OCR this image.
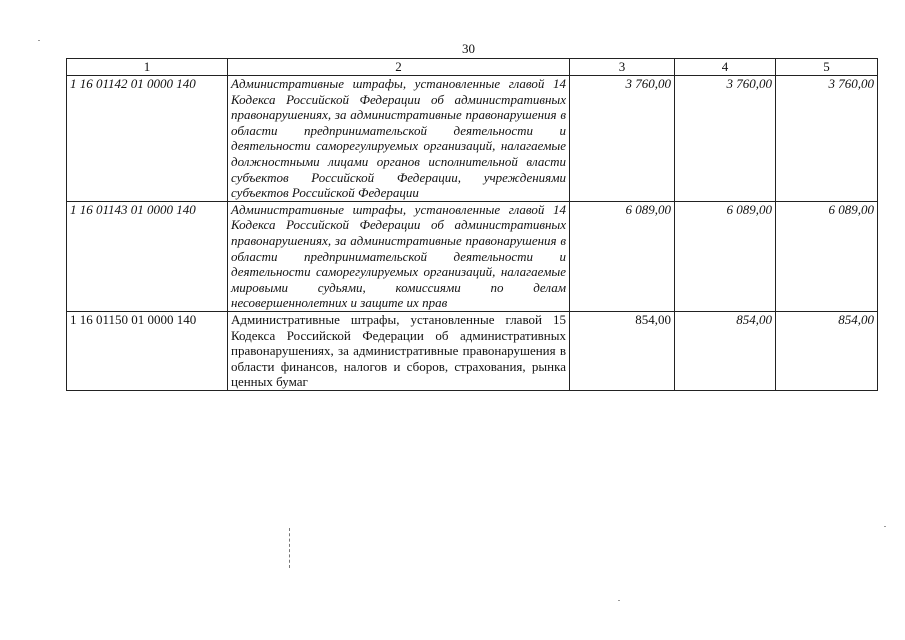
30
1	2	3	4	5
1 16 01142 01 0000 140	Административные штрафы, установленные главой 14 Кодекса Российской Федерации об административных правонарушениях, за административные правонарушения в области предпринимательской деятельности и деятельности саморегулируемых организаций, налагаемые должностными лицами органов исполнительной власти субъектов Российской Федерации, учреждениями субъектов Российской Федерации	3 760,00	3 760,00	3 760,00
1 16 01143 01 0000 140	Административные штрафы, установленные главой 14 Кодекса Российской Федерации об административных правонарушениях, за административные правонарушения в области предпринимательской деятельности и деятельности саморегулируемых организаций, налагаемые мировыми судьями, комиссиями по делам несовершеннолетних и защите их прав	6 089,00	6 089,00	6 089,00
1 16 01150 01 0000 140	Административные штрафы, установленные главой 15 Кодекса Российской Федерации об административных правонарушениях, за административные правонарушения в области финансов, налогов и сборов, страхования, рынка ценных бумаг	854,00	854,00	854,00
